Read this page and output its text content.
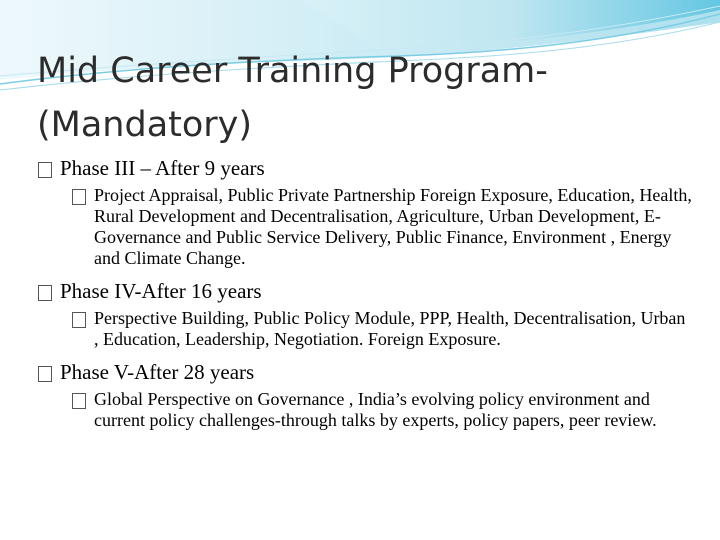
Mid Career Training Program-
(Mandatory)
Phase III – After 9 years
Project Appraisal, Public Private Partnership Foreign Exposure, Education, Health, Rural Development and Decentralisation, Agriculture, Urban Development, E-Governance and Public Service Delivery, Public Finance, Environment , Energy and Climate Change.
Phase IV-After 16 years
Perspective Building, Public Policy Module, PPP, Health, Decentralisation, Urban , Education, Leadership, Negotiation. Foreign Exposure.
Phase V-After 28 years
Global Perspective on Governance , India’s evolving policy environment and current policy challenges-through talks by experts, policy papers, peer review.
